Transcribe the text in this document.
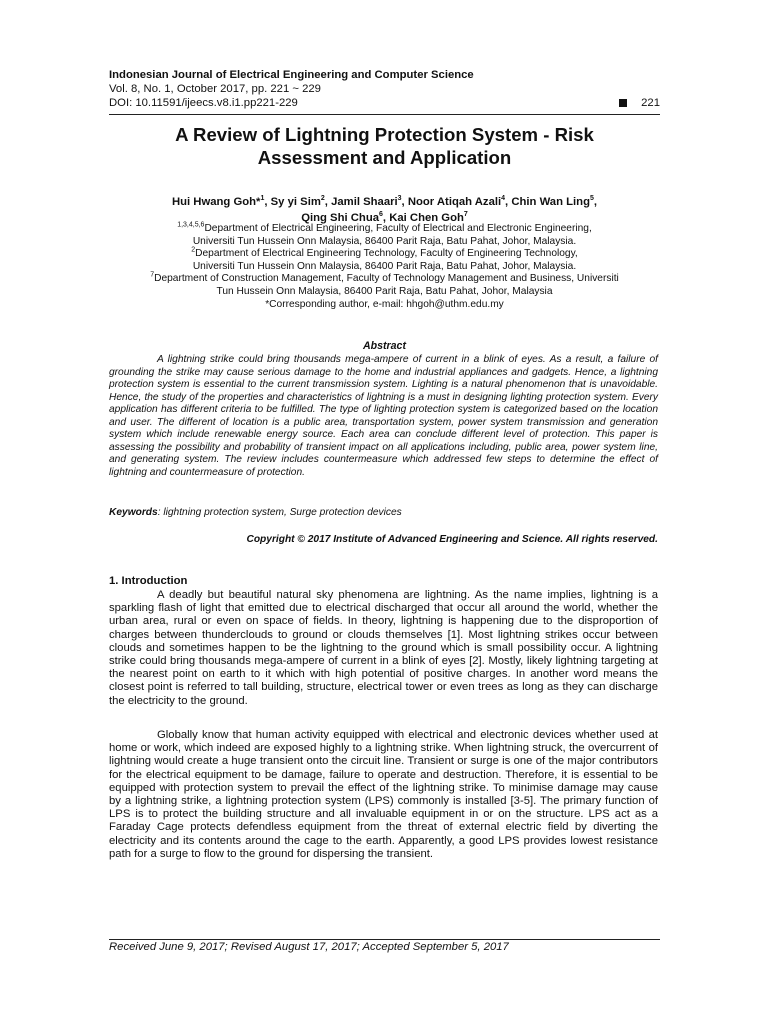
Indonesian Journal of Electrical Engineering and Computer Science
Vol. 8, No. 1, October 2017, pp. 221 ~ 229
DOI: 10.11591/ijeecs.v8.i1.pp221-229	221
A Review of Lightning Protection System - Risk
Assessment and Application
Hui Hwang Goh*$^1$, Sy yi Sim$^2$, Jamil Shaari$^3$, Noor Atiqah Azali$^4$, Chin Wan Ling$^5$,
Qing Shi Chua$^6$, Kai Chen Goh$^7$
$^{1,3,4,5,6}$Department of Electrical Engineering, Faculty of Electrical and Electronic Engineering,
Universiti Tun Hussein Onn Malaysia, 86400 Parit Raja, Batu Pahat, Johor, Malaysia.
$^2$Department of Electrical Engineering Technology, Faculty of Engineering Technology,
Universiti Tun Hussein Onn Malaysia, 86400 Parit Raja, Batu Pahat, Johor, Malaysia.
$^7$Department of Construction Management, Faculty of Technology Management and Business, Universiti
Tun Hussein Onn Malaysia, 86400 Parit Raja, Batu Pahat, Johor, Malaysia
*Corresponding author, e-mail: hhgoh@uthm.edu.my
Abstract
A lightning strike could bring thousands mega-ampere of current in a blink of eyes. As a result, a failure of grounding the strike may cause serious damage to the home and industrial appliances and gadgets. Hence, a lightning protection system is essential to the current transmission system. Lighting is a natural phenomenon that is unavoidable. Hence, the study of the properties and characteristics of lightning is a must in designing lighting protection system. Every application has different criteria to be fulfilled. The type of lighting protection system is categorized based on the location and user. The different of location is a public area, transportation system, power system transmission and generation system which include renewable energy source. Each area can conclude different level of protection. This paper is assessing the possibility and probability of transient impact on all applications including, public area, power system line, and generating system. The review includes countermeasure which addressed few steps to determine the effect of lightning and countermeasure of protection.
Keywords: lightning protection system, Surge protection devices
Copyright © 2017 Institute of Advanced Engineering and Science. All rights reserved.
1. Introduction
A deadly but beautiful natural sky phenomena are lightning. As the name implies, lightning is a sparkling flash of light that emitted due to electrical discharged that occur all around the world, whether the urban area, rural or even on space of fields. In theory, lightning is happening due to the disproportion of charges between thunderclouds to ground or clouds themselves [1]. Most lightning strikes occur between clouds and sometimes happen to be the lightning to the ground which is small possibility occur. A lightning strike could bring thousands mega-ampere of current in a blink of eyes [2]. Mostly, likely lightning targeting at the nearest point on earth to it which with high potential of positive charges. In another word means the closest point is referred to tall building, structure, electrical tower or even trees as long as they can discharge the electricity to the ground.
Globally know that human activity equipped with electrical and electronic devices whether used at home or work, which indeed are exposed highly to a lightning strike. When lightning struck, the overcurrent of lightning would create a huge transient onto the circuit line. Transient or surge is one of the major contributors for the electrical equipment to be damage, failure to operate and destruction. Therefore, it is essential to be equipped with protection system to prevail the effect of the lightning strike. To minimise damage may cause by a lightning strike, a lightning protection system (LPS) commonly is installed [3-5]. The primary function of LPS is to protect the building structure and all invaluable equipment in or on the structure. LPS act as a Faraday Cage protects defendless equipment from the threat of external electric field by diverting the electricity and its contents around the cage to the earth. Apparently, a good LPS provides lowest resistance path for a surge to flow to the ground for dispersing the transient.
Received June 9, 2017; Revised August 17, 2017; Accepted September 5, 2017
